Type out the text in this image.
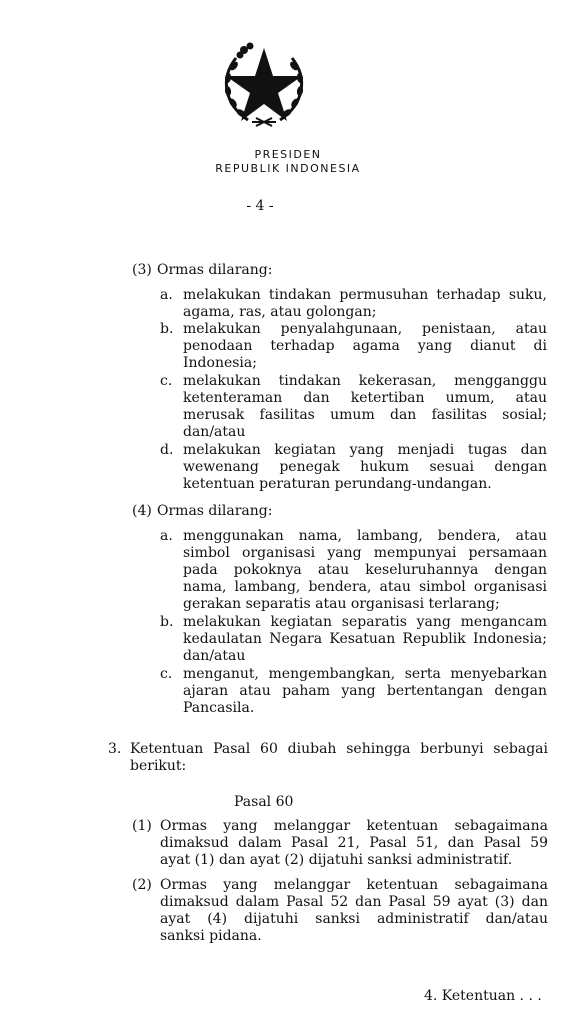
PRESIDEN
REPUBLIK INDONESIA
- 4 -
(3) Ormas dilarang:
a. melakukan tindakan permusuhan terhadap suku,
agama, ras, atau golongan;
b. melakukan penyalahgunaan, penistaan, atau
penodaan terhadap agama yang dianut di
Indonesia;
c. melakukan tindakan kekerasan, mengganggu
ketenteraman dan ketertiban umum, atau
merusak fasilitas umum dan fasilitas sosial;
dan/atau
d. melakukan kegiatan yang menjadi tugas dan
wewenang penegak hukum sesuai dengan
ketentuan peraturan perundang-undangan.
(4) Ormas dilarang:
a. menggunakan nama, lambang, bendera, atau
simbol organisasi yang mempunyai persamaan
pada pokoknya atau keseluruhannya dengan
nama, lambang, bendera, atau simbol organisasi
gerakan separatis atau organisasi terlarang;
b. melakukan kegiatan separatis yang mengancam
kedaulatan Negara Kesatuan Republik Indonesia;
dan/atau
c. menganut, mengembangkan, serta menyebarkan
ajaran atau paham yang bertentangan dengan
Pancasila.
3. Ketentuan Pasal 60 diubah sehingga berbunyi sebagai
berikut:
Pasal 60
(1) Ormas yang melanggar ketentuan sebagaimana
dimaksud dalam Pasal 21, Pasal 51, dan Pasal 59
ayat (1) dan ayat (2) dijatuhi sanksi administratif.
(2) Ormas yang melanggar ketentuan sebagaimana
dimaksud dalam Pasal 52 dan Pasal 59 ayat (3) dan
ayat (4) dijatuhi sanksi administratif dan/atau
sanksi pidana.
4. Ketentuan . . .
